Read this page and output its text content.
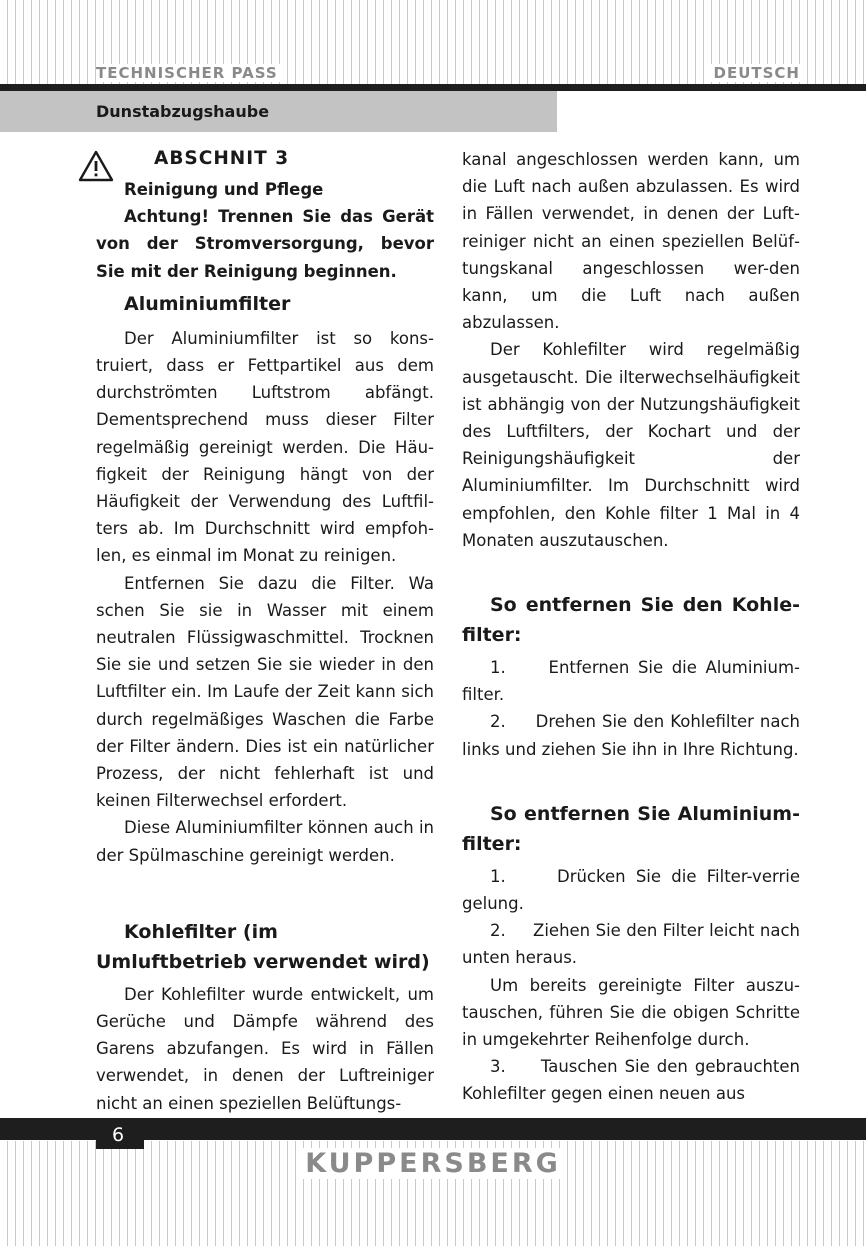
TECHNISCHER PASS	DEUTSCH
Dunstabzugshaube

ABSCHNIT 3

Reinigung und Pflege

Achtung! Trennen Sie das Gerät von der Stromversorgung, bevor Sie mit der Reinigung beginnen.

Aluminiumfilter

Der Aluminiumfilter ist so konstruiert, dass er Fettpartikel aus dem durchströmten Luftstrom abfängt. Dementsprechend muss dieser Filter regelmäßig gereinigt werden. Die Häufigkeit der Reinigung hängt von der Häufigkeit der Verwendung des Luftfilters ab. Im Durchschnitt wird empfohlen, es einmal im Monat zu reinigen.

Entfernen Sie dazu die Filter. Wa schen Sie sie in Wasser mit einem neutralen Flüssigwaschmittel. Trocknen Sie sie und setzen Sie sie wieder in den Luftfilter ein. Im Laufe der Zeit kann sich durch regelmäßiges Waschen die Farbe der Filter ändern. Dies ist ein natürlicher Prozess, der nicht fehlerhaft ist und keinen Filterwechsel erfordert.

Diese Aluminiumfilter können auch in der Spülmaschine gereinigt werden.

Kohlefilter (im Umluftbetrieb verwendet wird)

Der Kohlefilter wurde entwickelt, um Gerüche und Dämpfe während des Garens abzufangen. Es wird in Fällen verwendet, in denen der Luftreiniger nicht an einen speziellen Belüftungs-

kanal angeschlossen werden kann, um die Luft nach außen abzulassen. Es wird in Fällen verwendet, in denen der Luftreiniger nicht an einen speziellen Belüftungskanal angeschlossen wer-den kann, um die Luft nach außen abzulassen.

Der Kohlefilter wird regelmäßig ausgetauscht. Die ilterwechselhäufigkeit ist abhängig von der Nutzungshäufigkeit des Luftfilters, der Kochart und der Reinigungshäufigkeit der Aluminiumfilter. Im Durchschnitt wird empfohlen, den Kohle filter 1 Mal in 4 Monaten auszutauschen.

So entfernen Sie den Kohlefilter:

1.	Entfernen Sie die Aluminiumfilter.

2. Drehen Sie den Kohlefilter nach links und ziehen Sie ihn in Ihre Richtung.

So entfernen Sie Aluminiumfilter:

1.	Drücken Sie die Filter-verrie gelung.

2. Ziehen Sie den Filter leicht nach unten heraus.

Um bereits gereinigte Filter auszutauschen, führen Sie die obigen Schritte in umgekehrter Reihenfolge durch.

3. Tauschen Sie den gebrauchten Kohlefilter gegen einen neuen aus

6
KUPPERSBERG
